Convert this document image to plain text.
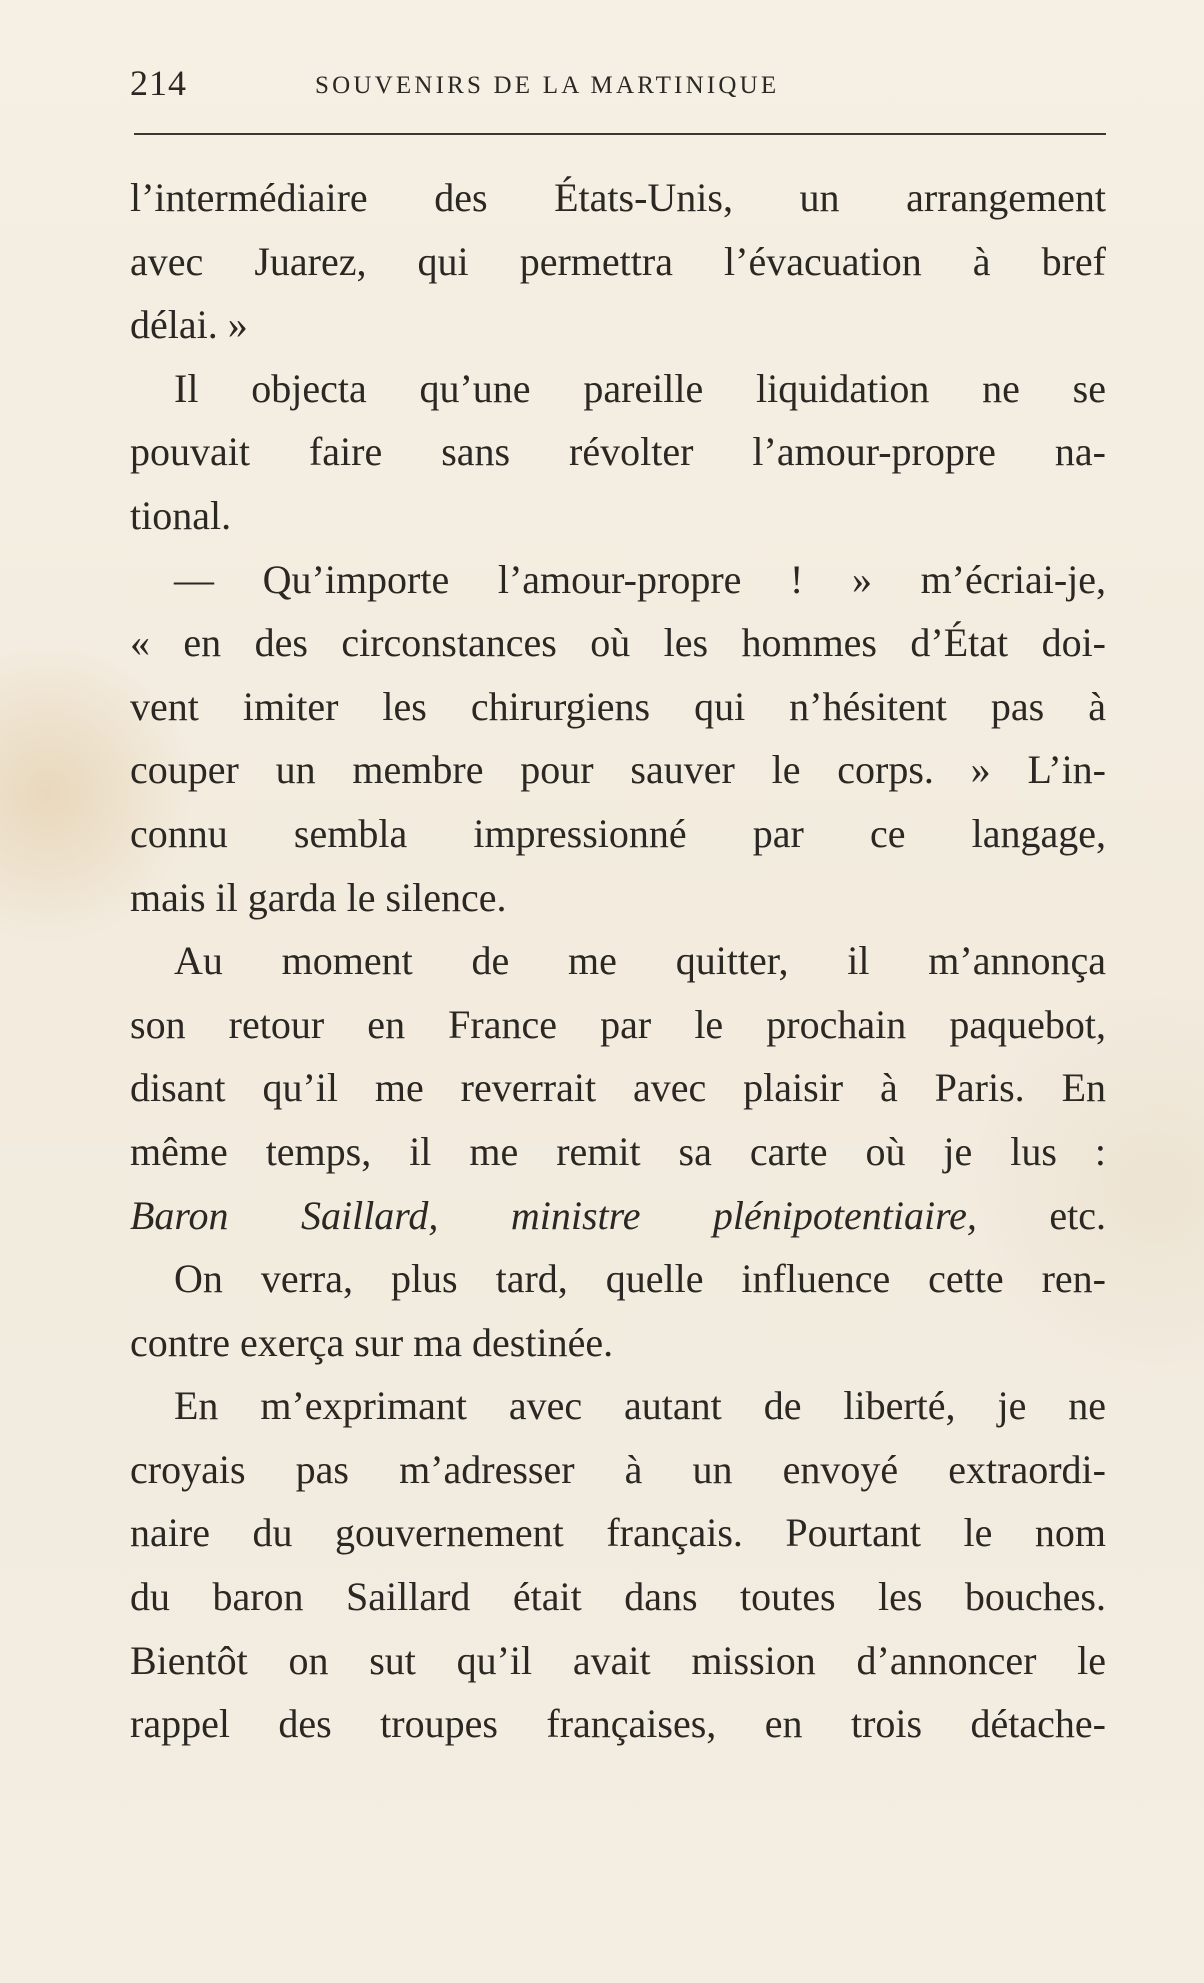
214	SOUVENIRS DE LA MARTINIQUE
l’intermédiaire des États-Unis, un arrangement
avec Juarez, qui permettra l’évacuation à bref
délai. »
Il objecta qu’une pareille liquidation ne se
pouvait faire sans révolter l’amour-propre na-
tional.
— Qu’importe l’amour-propre ! » m’écriai-je,
« en des circonstances où les hommes d’État doi-
vent imiter les chirurgiens qui n’hésitent pas à
couper un membre pour sauver le corps. » L’in-
connu sembla impressionné par ce langage,
mais il garda le silence.
Au moment de me quitter, il m’annonça
son retour en France par le prochain paquebot,
disant qu’il me reverrait avec plaisir à Paris. En
même temps, il me remit sa carte où je lus :
Baron Saillard, ministre plénipotentiaire, etc.
On verra, plus tard, quelle influence cette ren-
contre exerça sur ma destinée.
En m’exprimant avec autant de liberté, je ne
croyais pas m’adresser à un envoyé extraordi-
naire du gouvernement français. Pourtant le nom
du baron Saillard était dans toutes les bouches.
Bientôt on sut qu’il avait mission d’annoncer le
rappel des troupes françaises, en trois détache-
